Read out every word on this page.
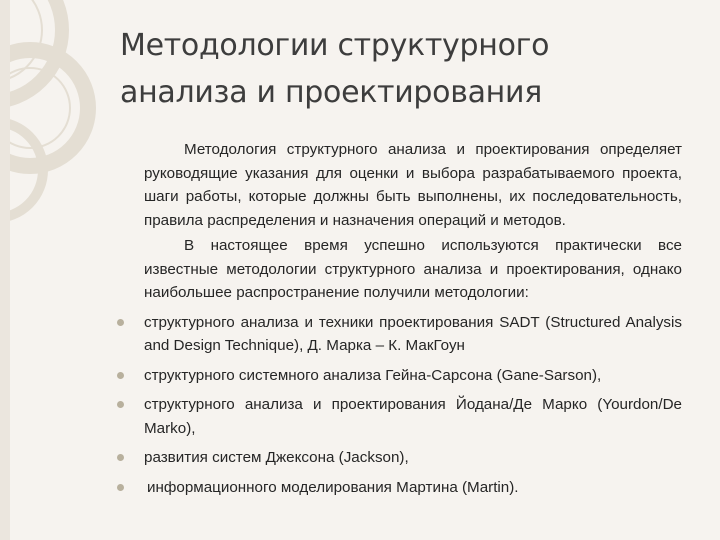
Методологии структурного
анализа и проектирования

Методология структурного анализа и проектирования определяет руководящие указания для оценки и выбора разрабатываемого проекта, шаги работы, которые должны быть выполнены, их последовательность, правила распределения и назначения операций и методов.

В настоящее время успешно используются практически все известные методологии структурного анализа и проектирования, однако наибольшее распространение получили методологии:

структурного анализа и техники проектирования SADT (Structured Analysis and Design Technique), Д. Марка – К. МакГоун
структурного системного анализа Гейна-Сарсона (Gane-Sarson),
структурного анализа и проектирования Йодана/Де Марко (Yourdon/De Marko),
развития систем Джексона (Jackson),
информационного моделирования Мартина (Martin).
